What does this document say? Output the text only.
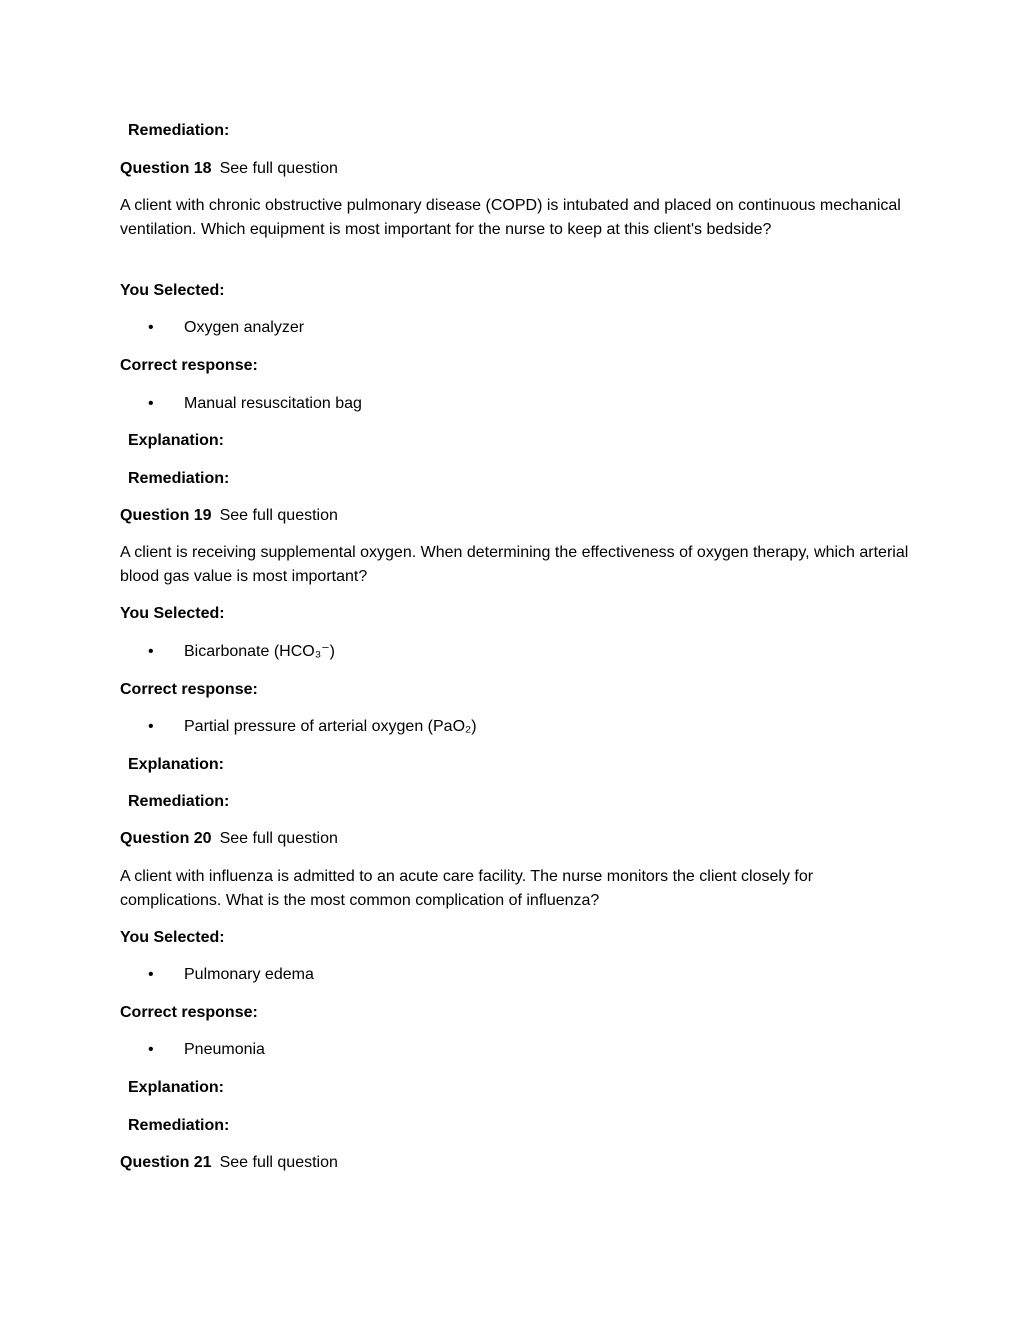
Remediation:
Question 18 See full question
A client with chronic obstructive pulmonary disease (COPD) is intubated and placed on continuous mechanical ventilation. Which equipment is most important for the nurse to keep at this client's bedside?
You Selected:
• Oxygen analyzer
Correct response:
• Manual resuscitation bag
Explanation:
Remediation:
Question 19 See full question
A client is receiving supplemental oxygen. When determining the effectiveness of oxygen therapy, which arterial blood gas value is most important?
You Selected:
• Bicarbonate (HCO₃⁻)
Correct response:
• Partial pressure of arterial oxygen (PaO₂)
Explanation:
Remediation:
Question 20 See full question
A client with influenza is admitted to an acute care facility. The nurse monitors the client closely for complications. What is the most common complication of influenza?
You Selected:
• Pulmonary edema
Correct response:
• Pneumonia
Explanation:
Remediation:
Question 21 See full question
